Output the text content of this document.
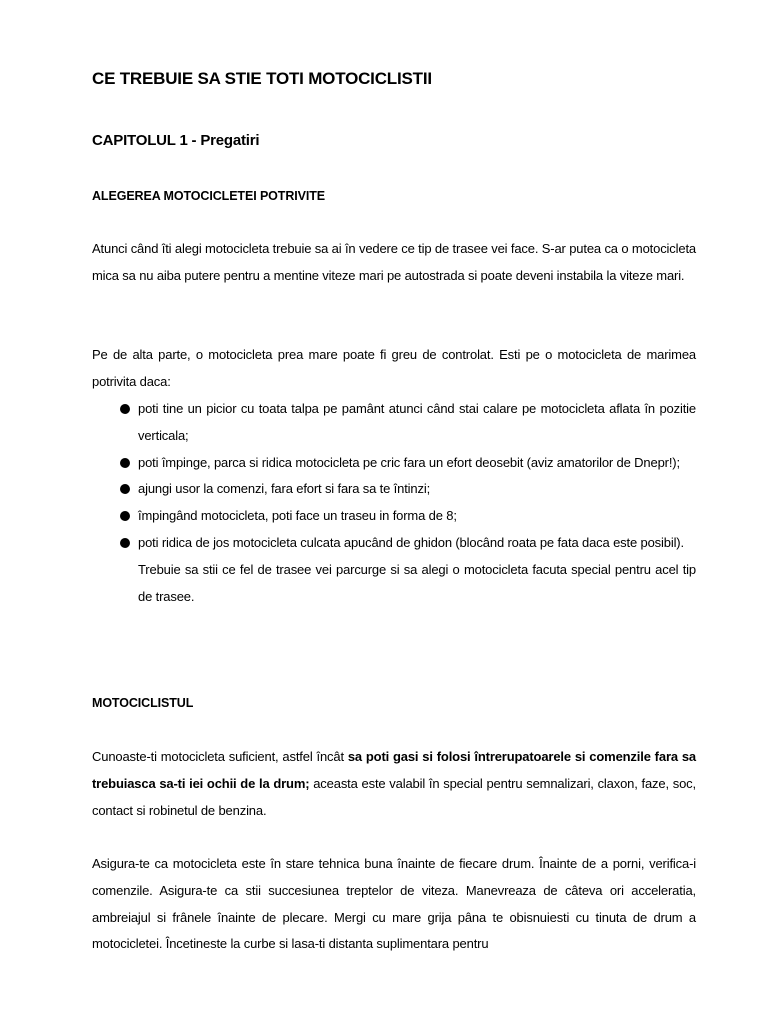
CE TREBUIE SA STIE TOTI MOTOCICLISTII
CAPITOLUL 1 - Pregatiri
ALEGEREA MOTOCICLETEI POTRIVITE

Atunci când îti alegi motocicleta trebuie sa ai în vedere ce tip de trasee vei face. S-ar putea ca o motocicleta mica sa nu aiba putere pentru a mentine viteze mari pe autostrada si poate deveni instabila la viteze mari.

Pe de alta parte, o motocicleta prea mare poate fi greu de controlat. Esti pe o motocicleta de marimea potrivita daca:

poti tine un picior cu toata talpa pe pamânt atunci când stai calare pe motocicleta aflata în pozitie verticala;
poti împinge, parca si ridica motocicleta pe cric fara un efort deosebit (aviz amatorilor de Dnepr!);
ajungi usor la comenzi, fara efort si fara sa te întinzi;
împingând motocicleta, poti face un traseu in forma de 8;
poti ridica de jos motocicleta culcata apucând de ghidon (blocând roata pe fata daca este posibil).
Trebuie sa stii ce fel de trasee vei parcurge si sa alegi o motocicleta facuta special pentru acel tip de trasee.
MOTOCICLISTUL

Cunoaste-ti motocicleta suficient, astfel încât sa poti gasi si folosi întrerupatoarele si comenzile fara sa trebuiasca sa-ti iei ochii de la drum; aceasta este valabil în special pentru semnalizari, claxon, faze, soc, contact si robinetul de benzina.

Asigura-te ca motocicleta este în stare tehnica buna înainte de fiecare drum. Înainte de a porni, verifica-i comenzile. Asigura-te ca stii succesiunea treptelor de viteza. Manevreaza de câteva ori acceleratia, ambreiajul si frânele înainte de plecare. Mergi cu mare grija pâna te obisnuiesti cu tinuta de drum a motocicletei. Încetineste la curbe si lasa-ti distanta suplimentara pentru
